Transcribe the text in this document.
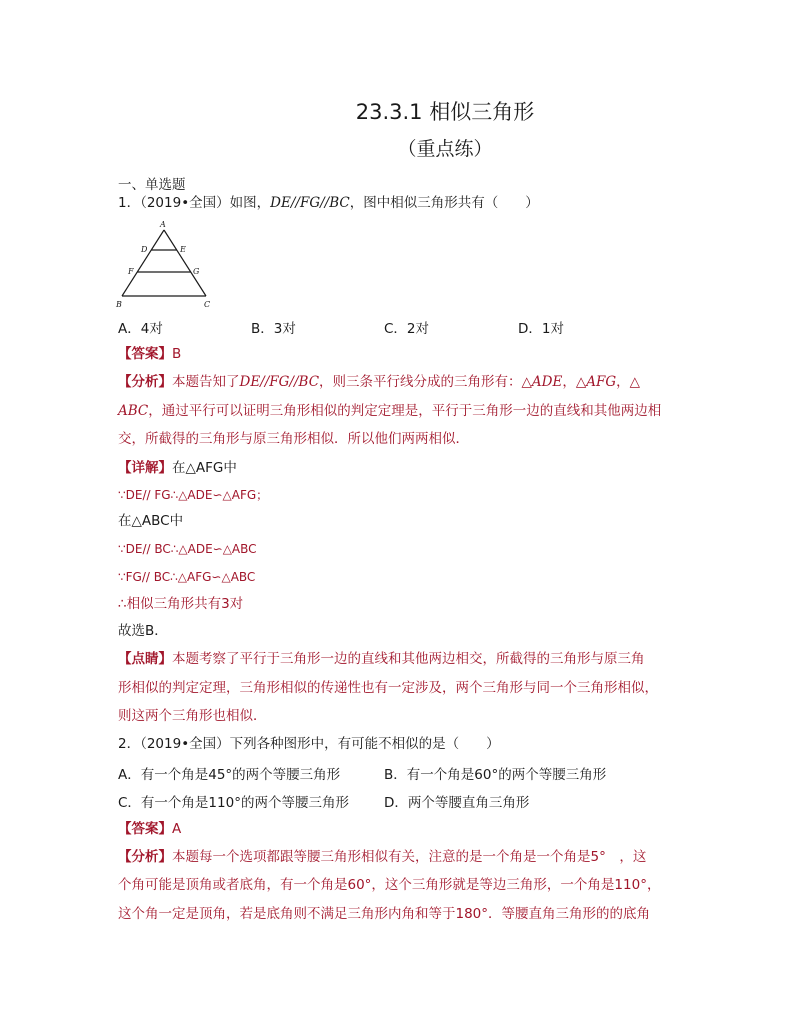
23.3.1 相似三角形
（重点练）
一、单选题
1．（2019•全国）如图，DE//FG//BC，图中相似三角形共有（　　）
A
D	E
F	G
B	C
A．4对	B．3对	C．2对	D．1对
【答案】B
【分析】本题告知了DE//FG//BC，则三条平行线分成的三角形有：△ADE，△AFG，△
ABC，通过平行可以证明三角形相似的判定定理是，平行于三角形一边的直线和其他两边相
交，所截得的三角形与原三角形相似．所以他们两两相似．
【详解】在△AFG中
∵DE// FG∴△ADE∽△AFG；
在△ABC中
∵DE// BC∴△ADE∽△ABC
∵FG// BC∴△AFG∽△ABC
∴相似三角形共有3对
故选B．
【点睛】本题考察了平行于三角形一边的直线和其他两边相交，所截得的三角形与原三角
形相似的判定定理，三角形相似的传递性也有一定涉及，两个三角形与同一个三角形相似，
则这两个三角形也相似．
2．（2019•全国）下列各种图形中，有可能不相似的是（　　）
A．有一个角是45°的两个等腰三角形	B．有一个角是60°的两个等腰三角形
C．有一个角是110°的两个等腰三角形	D．两个等腰直角三角形
【答案】A
【分析】本题每一个选项都跟等腰三角形相似有关，注意的是一个角是一个角是5°　，这
个角可能是顶角或者底角，有一个角是60°，这个三角形就是等边三角形，一个角是110°，
这个角一定是顶角，若是底角则不满足三角形内角和等于180°．等腰直角三角形的的底角
